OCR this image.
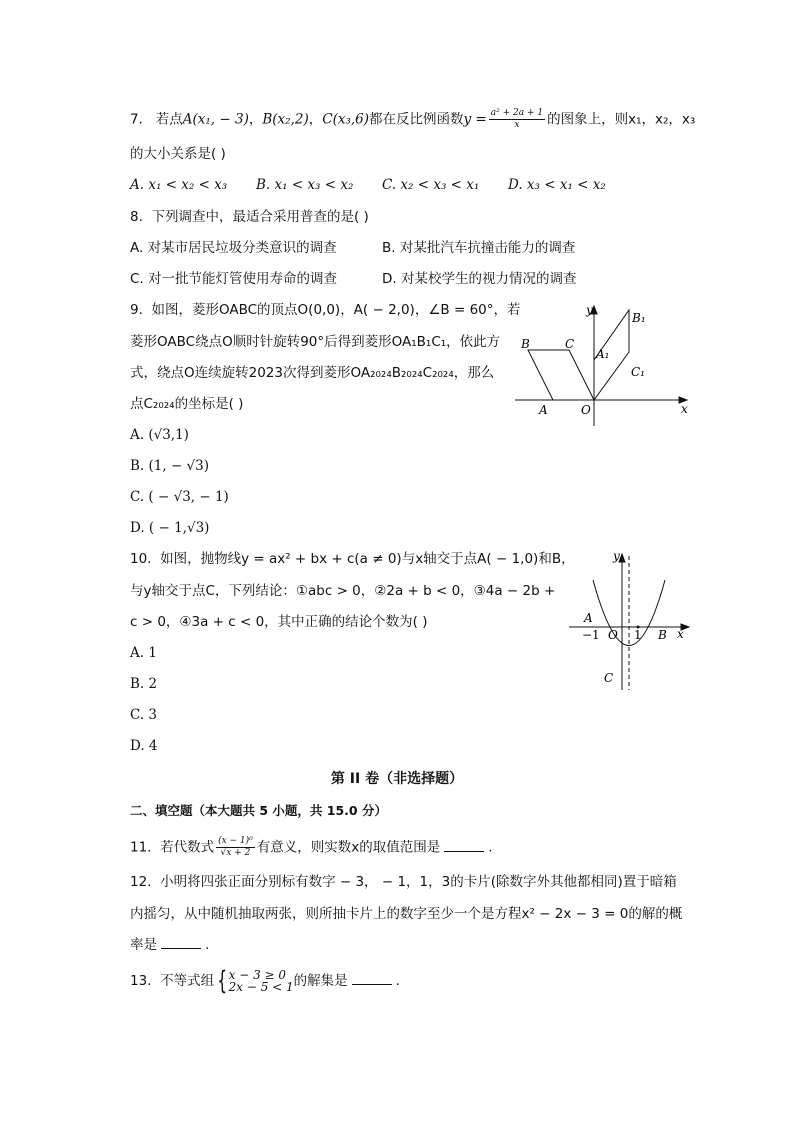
7. 若点A(x₁, − 3)，B(x₂,2)，C(x₃,6)都在反比例函数$y = \frac{\text{a² + 2a + 1}}{x}$ 的图象上，则x₁，x₂，x₃
的大小关系是( )
A. x₁ < x₂ < x₃ B. x₁ < x₃ < x₂ C. x₂ < x₃ < x₁ D. x₃ < x₁ < x₂
8. 下列调查中，最适合采用普查的是( )
A. 对某市居民垃圾分类意识的调查	B. 对某批汽车抗撞击能力的调查
C. 对一批节能灯管使用寿命的调查	D. 对某校学生的视力情况的调查
9. 如图，菱形OABC的顶点O(0,0)，A( − 2,0)，∠B = 60°，若
菱形OABC绕点O顺时针旋转90°后得到菱形OA₁B₁C₁，依此方
式，绕点O连续旋转2023次得到菱形OA₂₀₂₄B₂₀₂₄C₂₀₂₄，那么
点C₂₀₂₄的坐标是( )
A. (√3,1)
B. (1, − √3)
C. ( − √3, − 1)
D. ( − 1,√3)
y
B	C
B₁
A₁
C₁
A	O	x
10. 如图，抛物线y = ax² + bx + c(a ≠ 0)与x轴交于点A( − 1,0)和B，
与y轴交于点C，下列结论：①abc > 0，②2a + b < 0，③4a − 2b +
c > 0，④3a + c < 0，其中正确的结论个数为( )
A. 1
B. 2
C. 3
D. 4
y
A
−1 O 1 B x
C
第 II 卷（非选择题）
二、填空题（本大题共 5 小题，共 15.0 分）
11. 若代数式 $\frac{\text{(x − 1)⁰}}{√x + 2}$ 有意义，则实数x的取值范围是	.
12. 小明将四张正面分别标有数字 − 3， − 1，1，3的卡片(除数字外其他都相同)置于暗箱
内摇匀，从中随机抽取两张，则所抽卡片上的数字至少一个是方程x² − 2x − 3 = 0的解的概
率是	.
13. 不等式组 { x − 3 ≥ 0
2x − 5 < 1 的解集是	.
